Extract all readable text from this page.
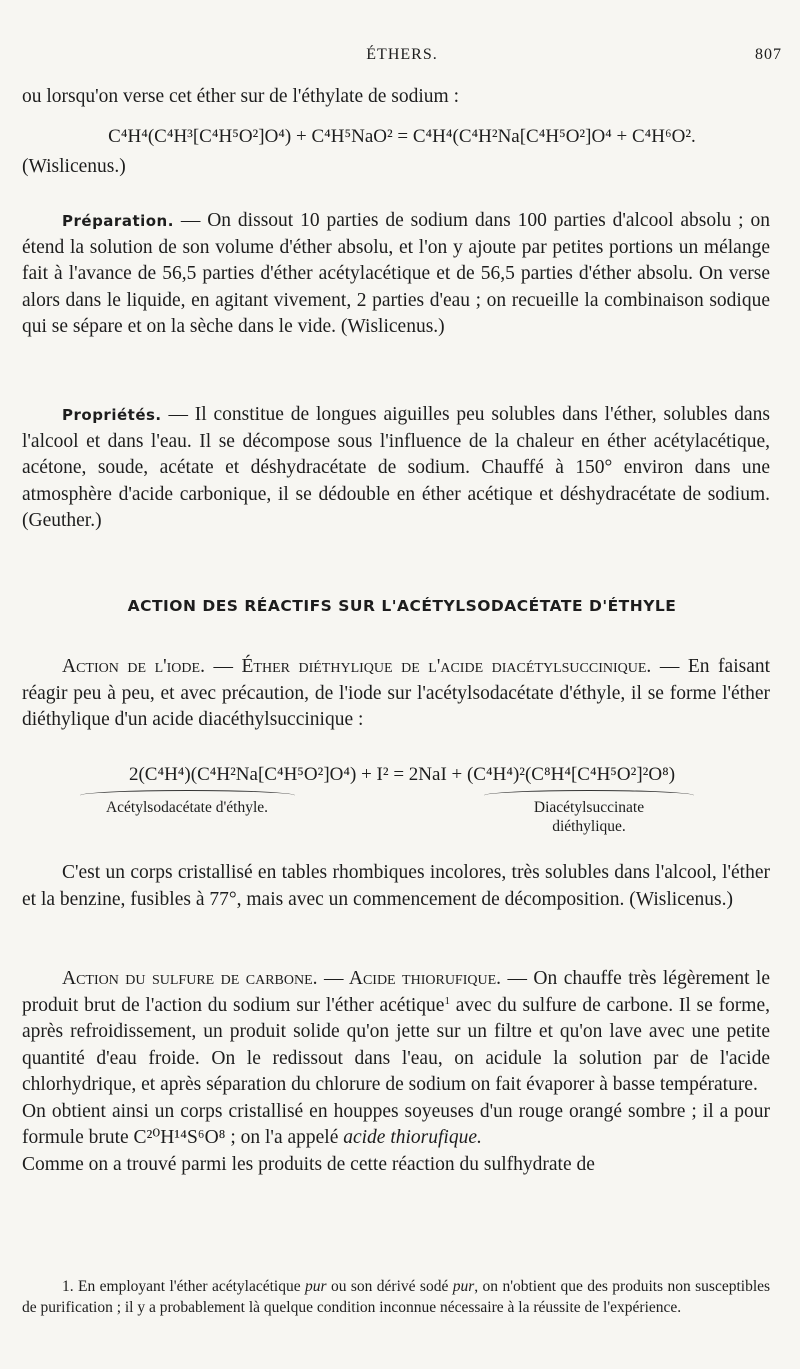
ÉTHERS.	807
ou lorsqu'on verse cet éther sur de l'éthylate de sodium :
C⁴H⁴(C⁴H³[C⁴H⁵O²]O⁴) + C⁴H⁵NaO² = C⁴H⁴(C⁴H²Na[C⁴H⁵O²]O⁴ + C⁴H⁶O².
(Wislicenus.)
Préparation. — On dissout 10 parties de sodium dans 100 parties d'alcool absolu ; on étend la solution de son volume d'éther absolu, et l'on y ajoute par petites portions un mélange fait à l'avance de 56,5 parties d'éther acétylacétique et de 56,5 parties d'éther absolu. On verse alors dans le liquide, en agitant vivement, 2 parties d'eau ; on recueille la combinaison sodique qui se sépare et on la sèche dans le vide. (Wislicenus.)
Propriétés. — Il constitue de longues aiguilles peu solubles dans l'éther, solubles dans l'alcool et dans l'eau. Il se décompose sous l'influence de la chaleur en éther acétylacétique, acétone, soude, acétate et déshydracétate de sodium. Chauffé à 150° environ dans une atmosphère d'acide carbonique, il se dédouble en éther acétique et déshydracétate de sodium. (Geuther.)
ACTION DES RÉACTIFS SUR L'ACÉTYLSODACÉTATE D'ÉTHYLE
Action de l'iode. — Éther diéthylique de l'acide diacétylsuccinique. — En faisant réagir peu à peu, et avec précaution, de l'iode sur l'acétylsodacétate d'éthyle, il se forme l'éther diéthylique d'un acide diacéthylsuccinique :
2(C⁴H⁴)(C⁴H²Na[C⁴H⁵O²]O⁴) + I² = 2NaI + (C⁴H⁴)²(C⁸H⁴[C⁴H⁵O²]²O⁸)
Acétylsodacétate d'éthyle.	Diacétylsuccinate
diéthylique.
C'est un corps cristallisé en tables rhombiques incolores, très solubles dans l'alcool, l'éther et la benzine, fusibles à 77°, mais avec un commencement de décomposition. (Wislicenus.)
Action du sulfure de carbone. — Acide thiorufique. — On chauffe très légèrement le produit brut de l'action du sodium sur l'éther acétique$^1$ avec du sulfure de carbone. Il se forme, après refroidissement, un produit solide qu'on jette sur un filtre et qu'on lave avec une petite quantité d'eau froide. On le redissout dans l'eau, on acidule la solution par de l'acide chlorhydrique, et après séparation du chlorure de sodium on fait évaporer à basse température.
On obtient ainsi un corps cristallisé en houppes soyeuses d'un rouge orangé sombre ; il a pour formule brute C²⁰H¹⁴S⁶O⁸ ; on l'a appelé acide thiorufique.
Comme on a trouvé parmi les produits de cette réaction du sulfhydrate de
1. En employant l'éther acétylacétique pur ou son dérivé sodé pur, on n'obtient que des produits non susceptibles de purification ; il y a probablement là quelque condition inconnue nécessaire à la réussite de l'expérience.
